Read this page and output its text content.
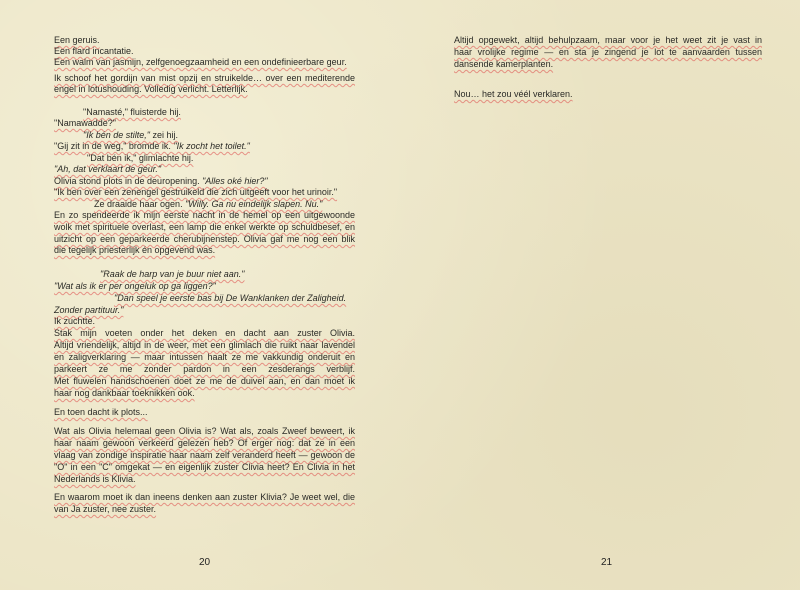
Een geruis.
Een flard incantatie.
Een walm van jasmijn, zelfgenoegzaamheid en een ondefinieerbare geur.
Ik schoof het gordijn van mist opzij en struikelde… over een mediterende
engel in lotushouding. Volledig verlicht. Letterlijk.
"Namasté," fluisterde hij.
"Namawadde?"
"Ik bén de stilte," zei hij.
"Gij zit in de weg," bromde ik. "Ik zocht het toilet."
"Dat bén ik," glimlachte hij.
"Ah, dat verklaart de geur."
Olivia stond plots in de deuropening. "Alles oké hier?"
"Ik ben over een zenengel gestruikeld die zich uitgeeft voor het urinoir."
Ze draaide haar ogen. "Willy. Ga nu eindelijk slapen. Nu."
En zo spendeerde ik mijn eerste nacht in de hemel op een uitgewoonde
wolk met spirituele overlast, een lamp die enkel werkte op schuldbesef, en
uitzicht op een geparkeerde cherubijnenstep. Olivia gaf me nog een blik
die tegelijk priesterlijk én opgevend was.
"Raak de harp van je buur niet aan."
"Wat als ik er per ongeluk op ga liggen?"
"Dan speel je eerste bas bij De Wanklanken der Zaligheid.
Zonder partituur."
Ik zuchtte.
Stak mijn voeten onder het deken en dacht aan zuster Olivia.
Altijd vriendelijk, altijd in de weer, met een glimlach die ruikt naar lavendel
en zaligverklaring — maar intussen haalt ze me vakkundig onderuit en
parkeert ze me zonder pardon in een zesderangs verblijf.
Met fluwelen handschoenen doet ze me de duivel aan, en dan moet ik
haar nog dankbaar toeknikken ook.
En toen dacht ik plots...
Wat als Olivia helemaal geen Olivia is? Wat als, zoals Zweef beweert, ik
haar naam gewoon verkeerd gelezen heb? Of erger nog: dat ze in een
vlaag van zondige inspiratie haar naam zelf veranderd heeft — gewoon de
"O" in een "C" omgekat — en eigenlijk zuster Clivia heet? En Clivia in het
Nederlands is Klivia.
En waarom moet ik dan ineens denken aan zuster Klivia? Je weet wel, die
van Ja zuster, nee zuster.
20
Altijd opgewekt, altijd behulpzaam, maar voor je het weet zit je vast in
haar vrolijke regime — en sta je zingend je lot te aanvaarden tussen
dansende kamerplanten.
Nou… het zou véél verklaren.
21
